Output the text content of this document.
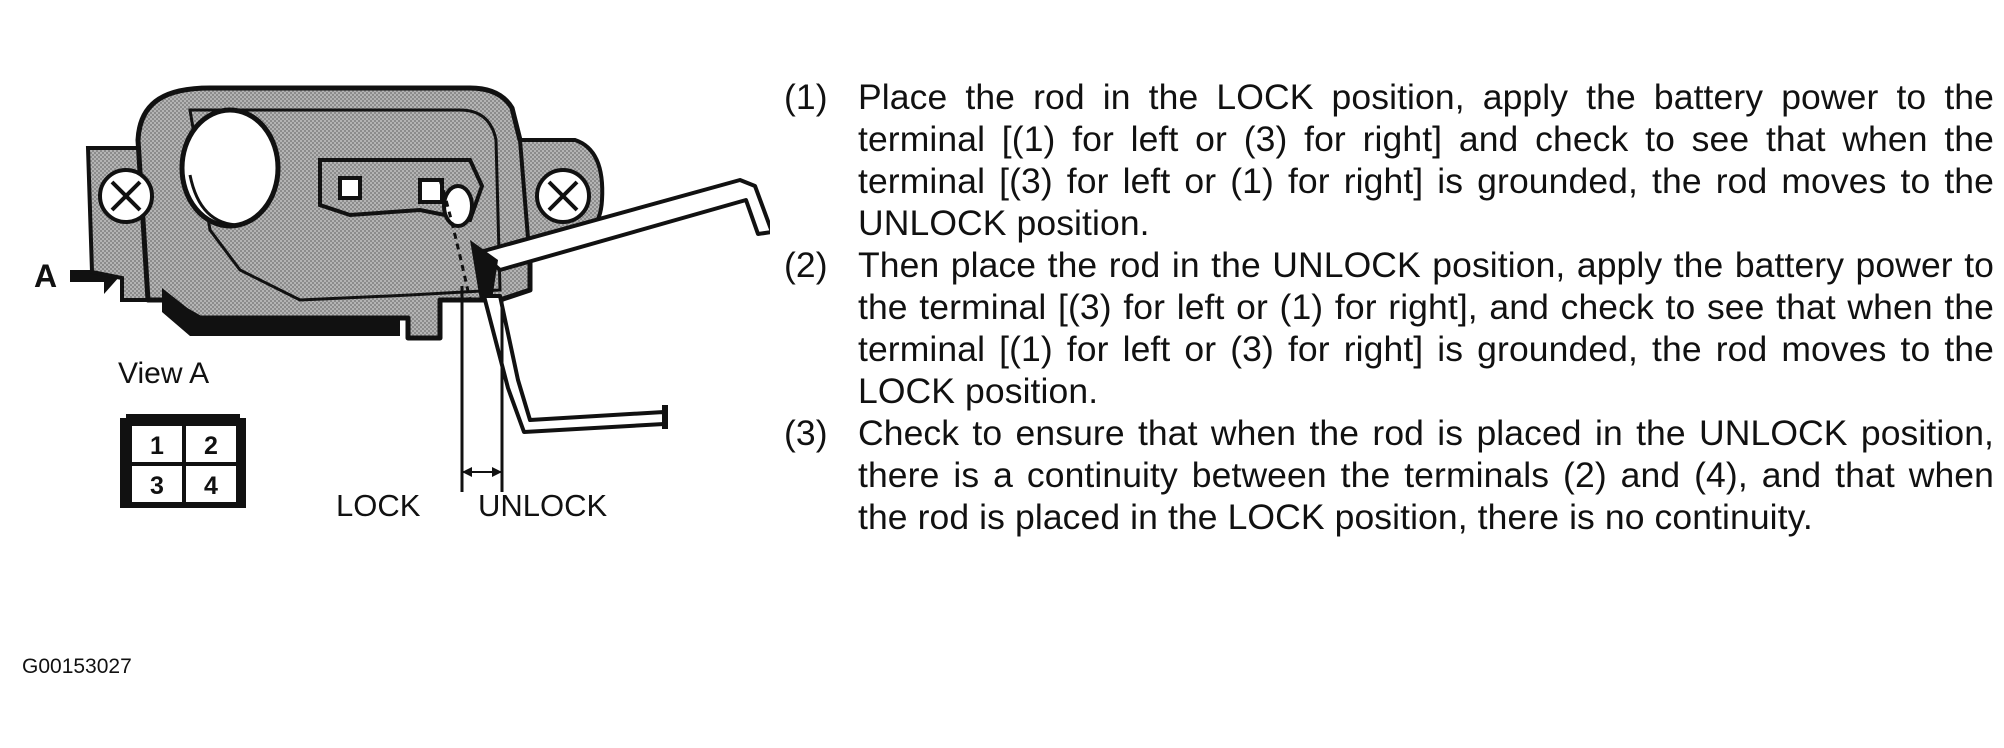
A
View A
LOCK UNLOCK
1 2
3 4
(1) Place the rod in the LOCK position, apply the battery power to the terminal [(1) for left or (3) for right] and check to see that when the terminal [(3) for left or (1) for right] is grounded, the rod moves to the UNLOCK position.
(2) Then place the rod in the UNLOCK position, apply the battery power to the terminal [(3) for left or (1) for right], and check to see that when the terminal [(1) for left or (3) for right] is grounded, the rod moves to the LOCK position.
(3) Check to ensure that when the rod is placed in the UNLOCK position, there is a continuity between the terminals (2) and (4), and that when the rod is placed in the LOCK position, there is no continuity.
G00153027
